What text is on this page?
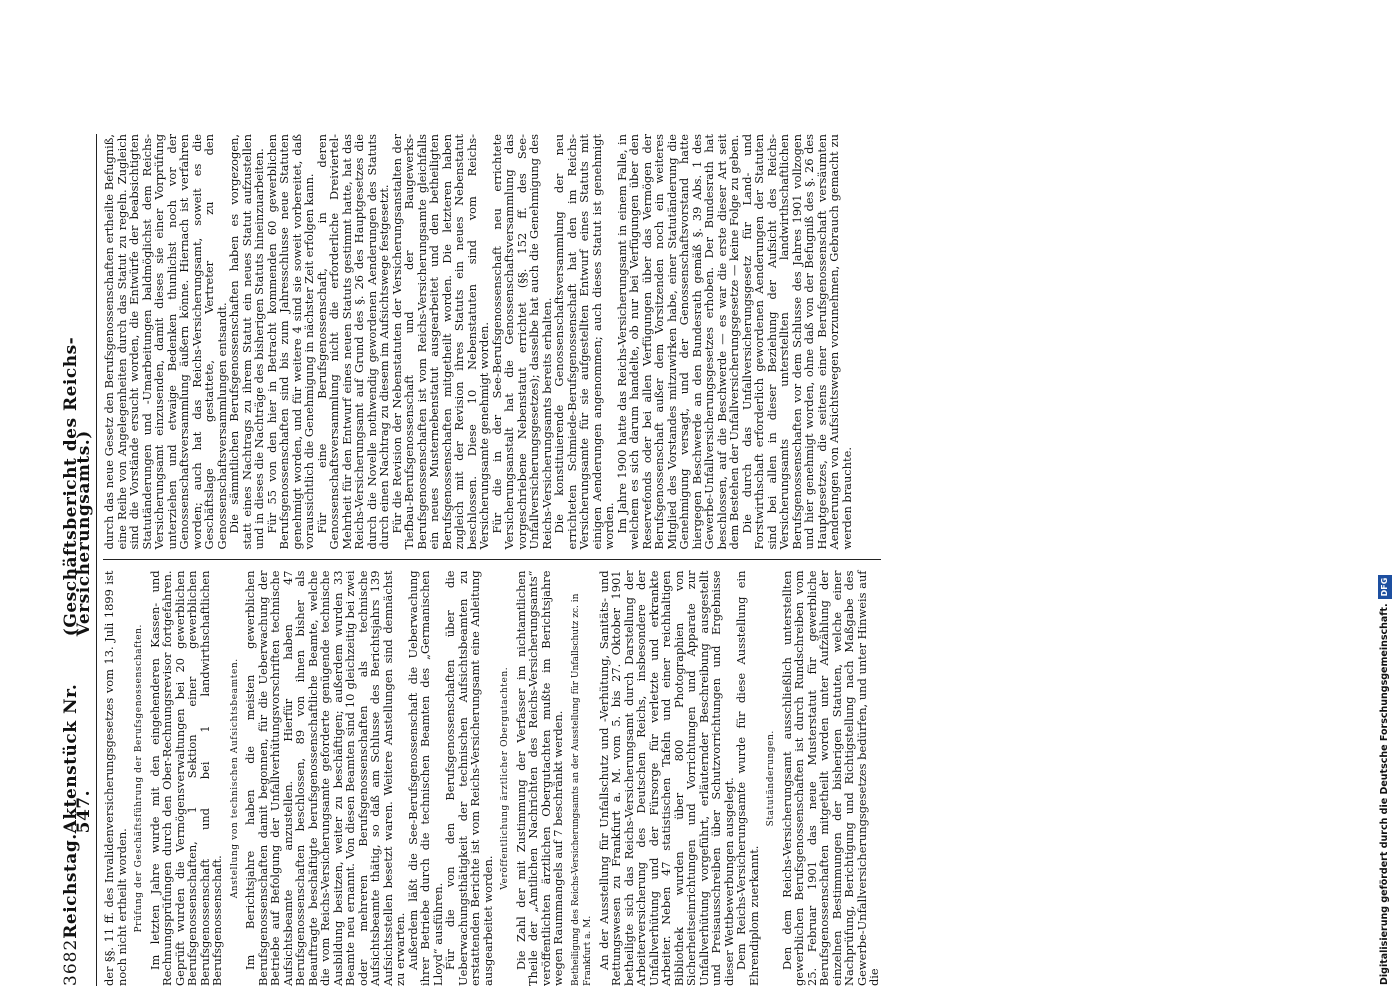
3682
Reichstag.
Aktenstück Nr. 547.
(Geschäftsbericht des Reichs-Versicherungsamts.)

der §§. 11 ff. des Invalidenversicherungsgesetzes vom 13. Juli 1899 ist noch nicht ertheilt worden. Prüfung der Geschäftsführung der Berufsgenossenschaften. Im letzten Jahre wurde mit den eingehenderen Kassen- und Rechnungsprüfungen durch den Ober-Rechnungsrevisor fortgefahren. Geprüft wurden die Vermögensverwaltungen bei 20 gewerblichen Berufsgenossenschaften, 1 Sektion einer gewerblichen Berufsgenossenschaft und bei 1 landwirthschaftlichen Berufsgenossenschaft.

Anstellung von technischen Aufsichtsbeamten. Im Berichtsjahre haben die meisten gewerblichen Berufsgenossenschaften damit begonnen, für die Ueberwachung der Betriebe auf Befolgung der Unfallverhütungsvorschriften technische Aufsichtsbeamte anzustellen. Hierfür haben 47 Berufsgenossenschaften beschlossen, 89 von ihnen bisher als Beauftragte beschäftigte berufsgenossenschaftliche Beamte, welche die vom Reichs-Versicherungsamte geforderte genügende technische Ausbildung besitzen, weiter zu beschäftigen; außerdem wurden 33 Beamte neu ernannt. Von diesen Beamten sind 10 gleichzeitig bei zwei oder mehreren Berufsgenossenschaften als technische Aufsichtsbeamte thätig, so daß am Schlusse des Berichtsjahrs 139 Aufsichtsstellen besetzt waren. Weitere Anstellungen sind demnächst zu erwarten.

Außerdem läßt die See-Berufsgenossenschaft die Ueberwachung ihrer Betriebe durch die technischen Beamten des „Germanischen Lloyd“ ausführen.

Für die von den Berufsgenossenschaften über die Ueberwachungsthätigkeit der technischen Aufsichtsbeamten zu erstattenden Berichte ist vom Reichs-Versicherungsamt eine Anleitung ausgearbeitet worden.

Veröffentlichung ärztlicher Obergutachten. Die Zahl der mit Zustimmung der Verfasser im nichtamtlichen Theile der „Amtlichen Nachrichten des Reichs-Versicherungsamts“ veröffentlichten ärztlichen Obergutachten mußte im Berichtsjahre wegen Raummangels auf 7 beschränkt werden. Betheiligung des Reichs-Versicherungsamts an der Ausstellung für Unfallschutz zc. in Frankfurt a. M. An der Ausstellung für Unfallschutz und -Verhütung, Sanitäts- und Rettungswesen zu Frankfurt a. M. vom 5. bis 27. Oktober 1901 betheiligte sich das Reichs-Versicherungsamt durch Darstellung der Arbeiterversicherung des Deutschen Reichs, insbesondere der Unfallverhütung und der Fürsorge für verletzte und erkrankte Arbeiter. Neben 47 statistischen Tafeln und einer reichhaltigen Bibliothek wurden über 800 Photographien von Sicherheitseinrichtungen und Vorrichtungen und Apparate zur Unfallverhütung vorgeführt, erläuternder Beschreibung ausgestellt und Preisausschreiben über Schutzvorrichtungen und Ergebnisse dieser Wettbewerbungen ausgelegt.

Dem Reichs-Versicherungsamte wurde für diese Ausstellung ein Ehrendiplom zuerkannt.

Statutänderungen. Den dem Reichs-Versicherungsamt ausschließlich unterstellten gewerblichen Berufsgenossenschaften ist durch Rundschreiben vom 25. Februar 1901 das neue Musterstatut für gewerbliche Berufsgenossenschaften mitgetheilt worden unter Aufzählung der einzelnen Bestimmungen der bisherigen Statuten, welche einer Nachprüfung, Berichtigung und Richtigstellung nach Maßgabe des Gewerbe-Unfallversicherungsgesetzes bedürfen, und unter Hinweis auf die

durch das neue Gesetz den Berufsgenossenschaften ertheilte Befugniß, eine Reihe von Angelegenheiten durch das Statut zu regeln. Zugleich sind die Vorstände ersucht worden, die Entwürfe der beabsichtigten Statutänderungen und -Umarbeitungen baldmöglichst dem Reichs-Versicherungsamt einzusenden, damit dieses sie einer Vorprüfung unterziehen und etwaige Bedenken thunlichst noch vor der Genossenschaftsversammlung äußern könne. Hiernach ist verfahren worden; auch hat das Reichs-Versicherungsamt, soweit es die Geschäftslage gestattete, Vertreter zu den Genossenschaftsversammlungen entsandt.

Die sämmtlichen Berufsgenossenschaften haben es vorgezogen, statt eines Nachtrags zu ihrem Statut ein neues Statut aufzustellen und in dieses die Nachträge des bisherigen Statuts hineinzuarbeiten.

Für 55 von den hier in Betracht kommenden 60 gewerblichen Berufsgenossenschaften sind bis zum Jahresschlusse neue Statuten genehmigt worden, und für weitere 4 sind sie soweit vorbereitet, daß voraussichtlich die Genehmigung in nächster Zeit erfolgen kann.

Für eine Berufsgenossenschaft, in deren Genossenschaftsversammlung nicht die erforderliche Dreiviertel-Mehrheit für den Entwurf eines neuen Statuts gestimmt hatte, hat das Reichs-Versicherungsamt auf Grund des §. 26 des Hauptgesetzes die durch die Novelle nothwendig gewordenen Aenderungen des Statuts durch einen Nachtrag zu diesem im Aufsichtswege festgesetzt.

Für die Revision der Nebenstatuten der Versicherungsanstalten der Tiefbau-Berufsgenossenschaft und der Baugewerks-Berufsgenossenschaften ist vom Reichs-Versicherungsamte gleichfalls ein neues Musternebenstatut ausgearbeitet und den betheiligten Berufsgenossenschaften mitgetheilt worden. Die letzteren haben zugleich mit der Revision ihres Statuts ein neues Nebenstatut beschlossen. Diese 10 Nebenstatuten sind vom Reichs-Versicherungsamte genehmigt worden.

Für die in der See-Berufsgenossenschaft neu errichtete Versicherungsanstalt hat die Genossenschaftsversammlung das vorgeschriebene Nebenstatut errichtet (§§. 152 ff. des See-Unfallversicherungsgesetzes); dasselbe hat auch die Genehmigung des Reichs-Versicherungsamts bereits erhalten.

Die konstituierende Genossenschaftsversammlung der neu errichteten Schmiede-Berufsgenossenschaft hat den im Reichs-Versicherungsamte für sie aufgestellten Entwurf eines Statuts mit einigen Aenderungen angenommen; auch dieses Statut ist genehmigt worden.

Im Jahre 1900 hatte das Reichs-Versicherungsamt in einem Falle, in welchem es sich darum handelte, ob nur bei Verfügungen über den Reservefonds oder bei allen Verfügungen über das Vermögen der Berufsgenossenschaft außer dem Vorsitzenden noch ein weiteres Mitglied des Vorstandes mitzuwirken habe, einer Statutänderung die Genehmigung versagt, und der Genossenschaftsvorstand hatte hiergegen Beschwerde an den Bundesrath gemäß §. 39 Abs. 1 des Gewerbe-Unfallversicherungsgesetzes erhoben. Der Bundesrath hat beschlossen, auf die Beschwerde — es war die erste dieser Art seit dem Bestehen der Unfallversicherungsgesetze — keine Folge zu geben.

Die durch das Unfallversicherungsgesetz für Land- und Forstwirthschaft erforderlich gewordenen Aenderungen der Statuten sind bei allen in dieser Beziehung der Aufsicht des Reichs-Versicherungsamts unterstellten landwirthschaftlichen Berufsgenossenschaften vor dem Schlusse des Jahres 1901 vollzogen und hier genehmigt worden, ohne daß von der Befugniß des §. 26 des Hauptgesetzes, die seitens einer Berufsgenossenschaft versäumten Aenderungen von Aufsichtswegen vorzunehmen, Gebrauch gemacht zu werden brauchte.

Digitalisierung gefördert durch die Deutsche Forschungsgemeinschaft.
DFG
